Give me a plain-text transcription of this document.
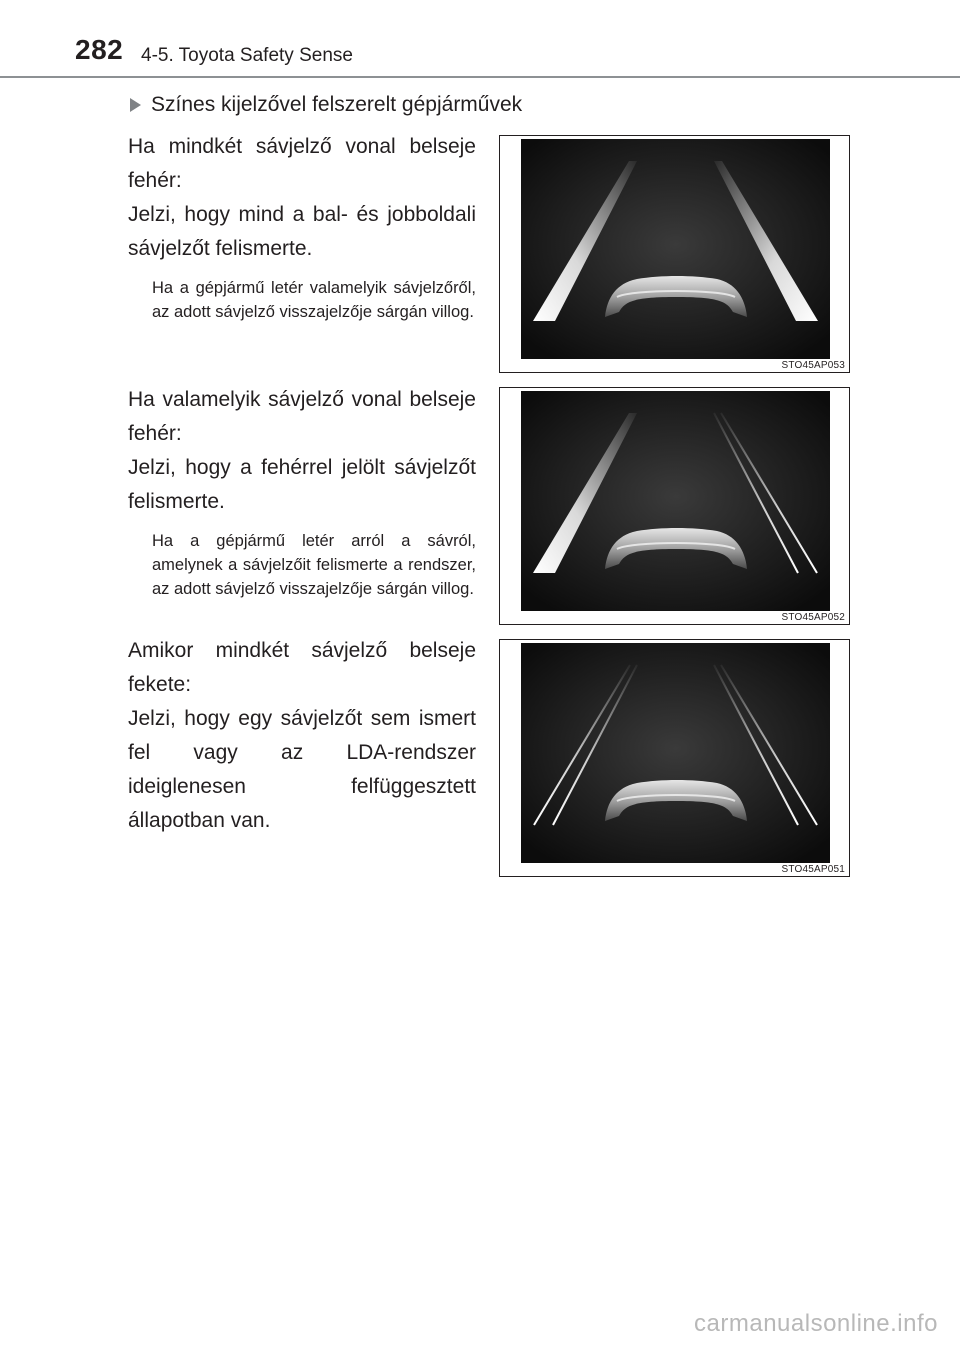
282 4-5. Toyota Safety Sense
Színes kijelzővel felszerelt gépjárművek

Ha mindkét sávjelző vonal belseje fehér:

Jelzi, hogy mind a bal- és jobboldali sávjelzőt felismerte.

Ha a gépjármű letér valamelyik sávjelzőről, az adott sávjelző visszajelzője sárgán villog.

STO45AP053

Ha valamelyik sávjelző vonal belseje fehér:

Jelzi, hogy a fehérrel jelölt sávjelzőt felismerte.

Ha a gépjármű letér arról a sávról, amelynek a sávjelzőit felismerte a rendszer, az adott sávjelző visszajelzője sárgán villog.

STO45AP052

Amikor mindkét sávjelző belseje fekete:

Jelzi, hogy egy sávjelzőt sem ismert fel vagy az LDA-rendszer ideiglenesen felfüggesztett állapotban van.

STO45AP051
carmanualsonline.info
